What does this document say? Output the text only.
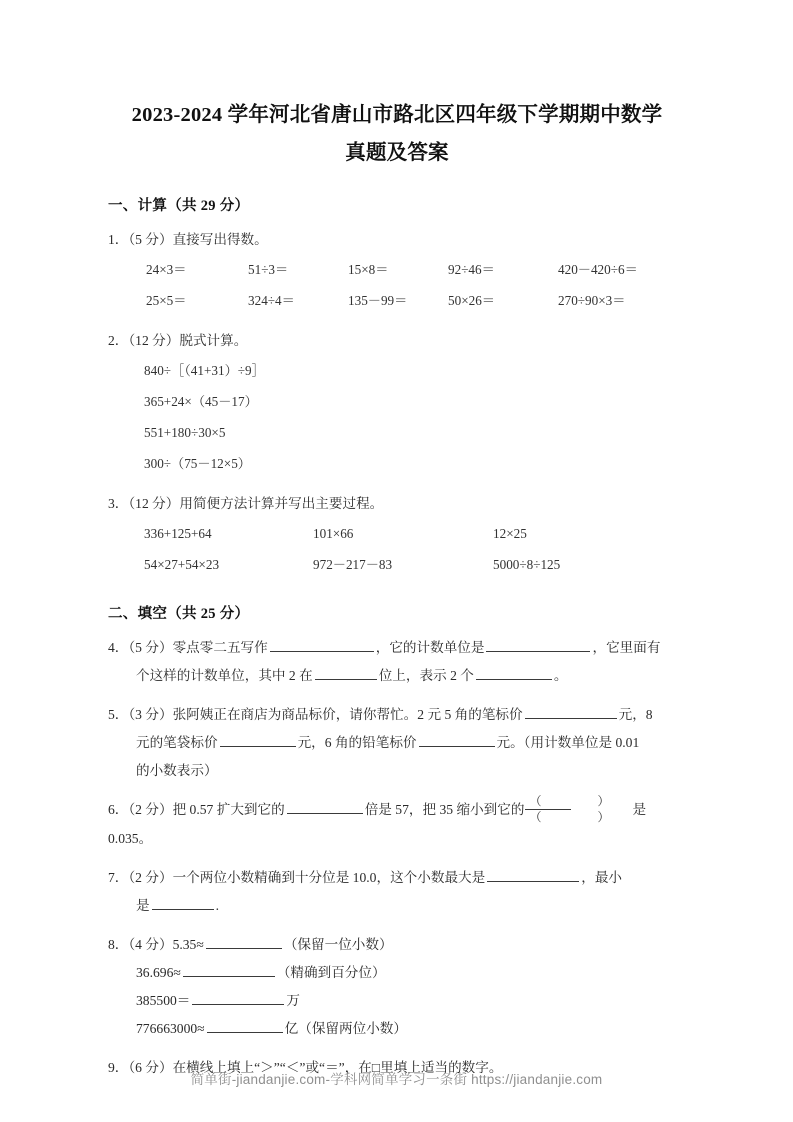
2023-2024 学年河北省唐山市路北区四年级下学期期中数学
真题及答案
一、计算（共 29 分）
1．（5 分）直接写出得数。
24×3＝	51÷3＝	15×8＝	92÷46＝	420－420÷6＝
25×5＝	324÷4＝	135－99＝	50×26＝	270÷90×3＝
2．（12 分）脱式计算。
840÷［（41+31）÷9］
365+24×（45－17）
551+180÷30×5
300÷（75－12×5）
3．（12 分）用简便方法计算并写出主要过程。
336+125+64	101×66	12×25
54×27+54×23	972－217－83	5000÷8÷125
二、填空（共 25 分）
4．（5 分）零点零二五写作	，它的计数单位是	，它里面有
个这样的计数单位，其中 2 在	位上，表示 2 个	。
5．（3 分）张阿姨正在商店为商品标价，请你帮忙。2 元 5 角的笔标价	元，8
元的笔袋标价	元，6 角的铅笔标价	元。（用计数单位是 0.01
的小数表示）
6．（2 分）把 0.57 扩大到它的	倍是 57，把 35 缩小到它的 $\frac{( )}{( )}$ 是 0.035。
7．（2 分）一个两位小数精确到十分位是 10.0，这个小数最大是	，最小
是	.
8．（4 分）5.35≈	（保留一位小数）
36.696≈	（精确到百分位）
385500＝	万
776663000≈	亿（保留两位小数）
9．（6 分）在横线上填上“＞”“＜”或“＝”，在□里填上适当的数字。
简单街-jiandanjie.com-学科网简单学习一条街 https://jiandanjie.com
